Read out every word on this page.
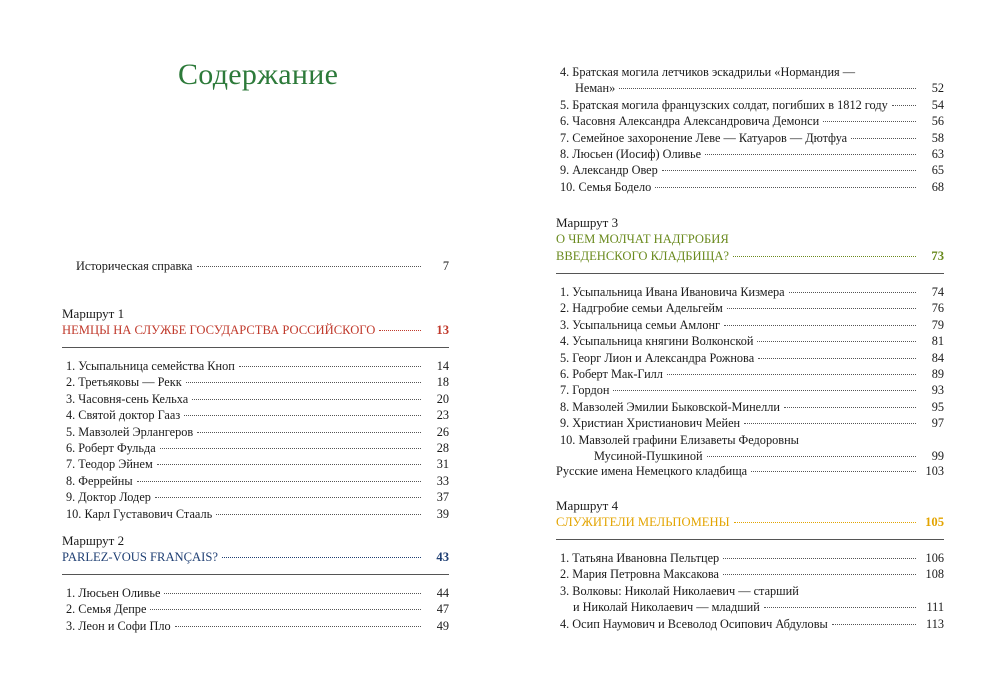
Содержание
Историческая справка	7
Маршрут 1
НЕМЦЫ НА СЛУЖБЕ ГОСУДАРСТВА РОССИЙСКОГО	13
1. Усыпальница семейства Кноп	14
2. Третьяковы — Рекк	18
3. Часовня-сень Кельха	20
4. Святой доктор Гааз	23
5. Мавзолей Эрлангеров	26
6. Роберт Фульда	28
7. Теодор Эйнем	31
8. Феррейны	33
9. Доктор Лодер	37
10. Карл Густавович Стааль	39
Маршрут 2
PARLEZ-VOUS FRANÇAIS?	43
1. Люсьен Оливье	44
2. Семья Депре	47
3. Леон и Софи Пло	49
4. Братская могила летчиков эскадрильи «Нормандия —
Неман»	52
5. Братская могила французских солдат, погибших в 1812 году	54
6. Часовня Александра Александровича Демонси	56
7. Семейное захоронение Леве — Катуаров — Дютфуа	58
8. Люсьен (Иосиф) Оливье	63
9. Александр Овер	65
10. Семья Бодело	68
Маршрут 3
О ЧЕМ МОЛЧАТ НАДГРОБИЯ
ВВЕДЕНСКОГО КЛАДБИЩА?	73
1. Усыпальница Ивана Ивановича Кизмера	74
2. Надгробие семьи Адельгейм	76
3. Усыпальница семьи Амлонг	79
4. Усыпальница княгини Волконской	81
5. Георг Лион и Александра Рожнова	84
6. Роберт Мак-Гилл	89
7. Гордон	93
8. Мавзолей Эмилии Быковской-Минелли	95
9. Христиан Христианович Мейен	97
10. Мавзолей графини Елизаветы Федоровны
Мусиной-Пушкиной	99
Русские имена Немецкого кладбища	103
Маршрут 4
СЛУЖИТЕЛИ МЕЛЬПОМЕНЫ	105
1. Татьяна Ивановна Пельтцер	106
2. Мария Петровна Максакова	108
3. Волковы: Николай Николаевич — старший
и Николай Николаевич — младший	111
4. Осип Наумович и Всеволод Осипович Абдуловы	113
